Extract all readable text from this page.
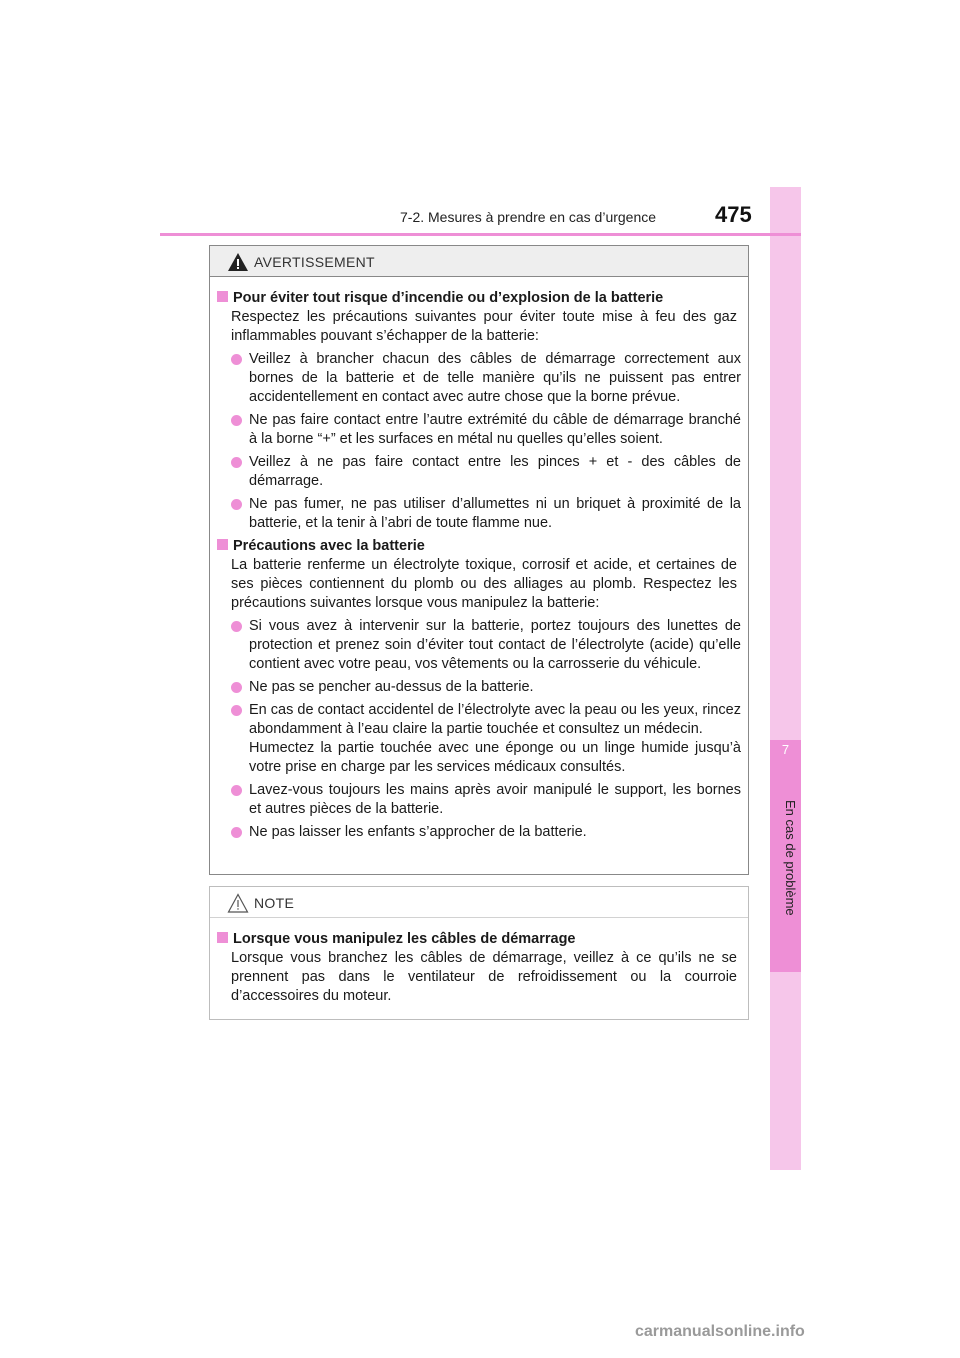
7
En cas de problème
7-2. Mesures à prendre en cas d’urgence	475
AVERTISSEMENT
Pour éviter tout risque d’incendie ou d’explosion de la batterie
Respectez les précautions suivantes pour éviter toute mise à feu des gaz inflammables pouvant s’échapper de la batterie:
Veillez à brancher chacun des câbles de démarrage correctement aux bornes de la batterie et de telle manière qu’ils ne puissent pas entrer accidentellement en contact avec autre chose que la borne prévue.
Ne pas faire contact entre l’autre extrémité du câble de démarrage branché à la borne “+” et les surfaces en métal nu quelles qu’elles soient.
Veillez à ne pas faire contact entre les pinces + et - des câbles de démarrage.
Ne pas fumer, ne pas utiliser d’allumettes ni un briquet à proximité de la batterie, et la tenir à l’abri de toute flamme nue.
Précautions avec la batterie
La batterie renferme un électrolyte toxique, corrosif et acide, et certaines de ses pièces contiennent du plomb ou des alliages au plomb. Respectez les précautions suivantes lorsque vous manipulez la batterie:
Si vous avez à intervenir sur la batterie, portez toujours des lunettes de protection et prenez soin d’éviter tout contact de l’électrolyte (acide) qu’elle contient avec votre peau, vos vêtements ou la carrosserie du véhicule.
Ne pas se pencher au-dessus de la batterie.
En cas de contact accidentel de l’électrolyte avec la peau ou les yeux, rincez abondamment à l’eau claire la partie touchée et consultez un médecin.
Humectez la partie touchée avec une éponge ou un linge humide jusqu’à votre prise en charge par les services médicaux consultés.
Lavez-vous toujours les mains après avoir manipulé le support, les bornes et autres pièces de la batterie.
Ne pas laisser les enfants s’approcher de la batterie.
NOTE
Lorsque vous manipulez les câbles de démarrage
Lorsque vous branchez les câbles de démarrage, veillez à ce qu’ils ne se prennent pas dans le ventilateur de refroidissement ou la courroie d’accessoires du moteur.
carmanualsonline.info
